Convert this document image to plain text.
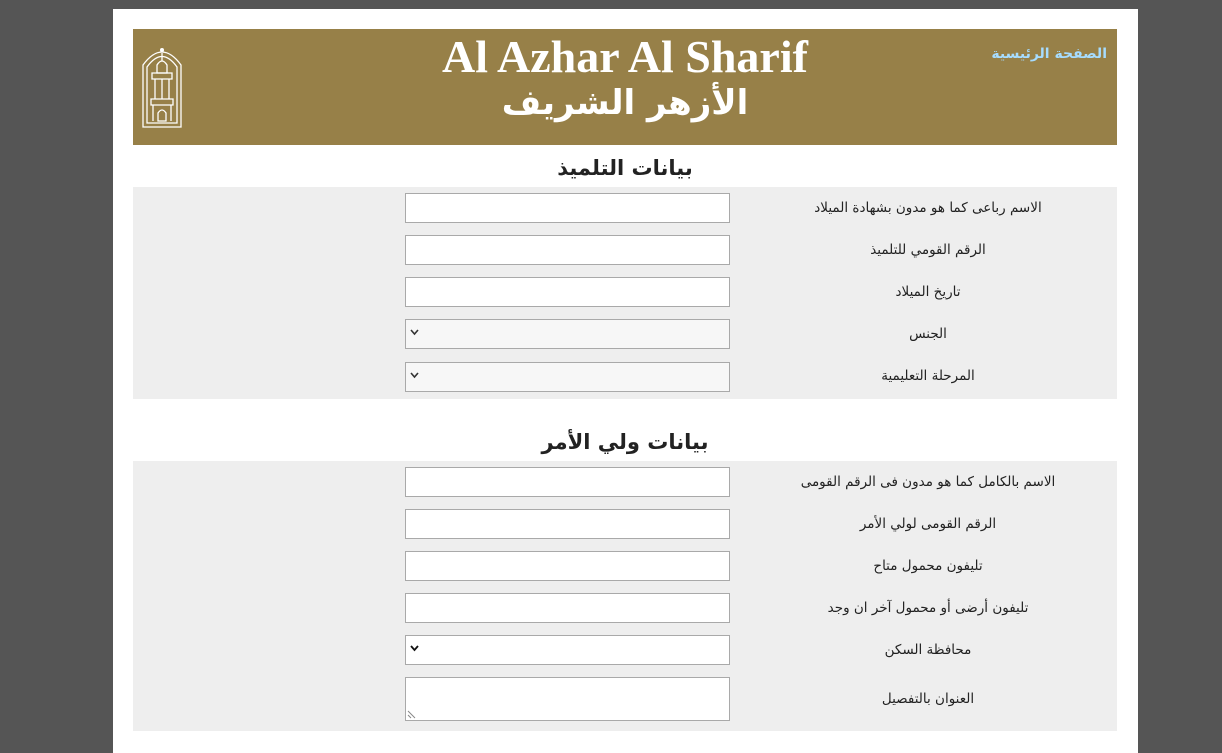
الصفحة الرئيسية
Al Azhar Al Sharif
الأزهر الشريف
بيانات التلميذ
الاسم رباعى كما هو مدون بشهادة الميلاد
الرقم القومي للتلميذ
تاريخ الميلاد
الجنس
المرحلة التعليمية
بيانات ولي الأمر
الاسم بالكامل كما هو مدون فى الرقم القومى
الرقم القومى لولي الأمر
تليفون محمول متاح
تليفون أرضى أو محمول آخر ان وجد
محافظة السكن
العنوان بالتفصيل
